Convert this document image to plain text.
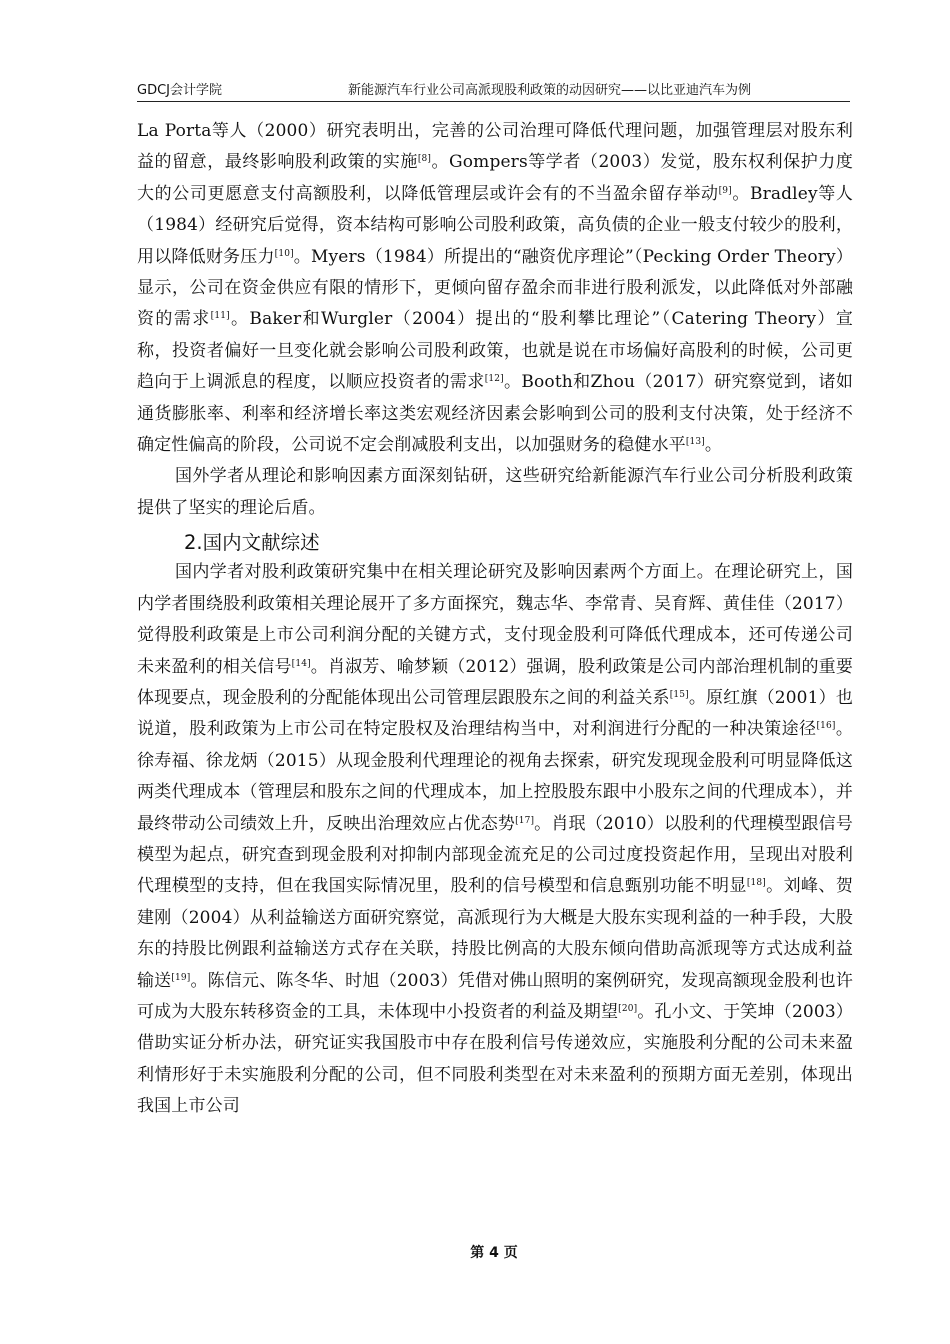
GDCJ会计学院	新能源汽车行业公司高派现股利政策的动因研究——以比亚迪汽车为例

La Porta等人（2000）研究表明出，完善的公司治理可降低代理问题，加强管理层对股东利益的留意，最终影响股利政策的实施[8]。Gompers等学者（2003）发觉，股东权利保护力度大的公司更愿意支付高额股利，以降低管理层或许会有的不当盈余留存举动[9]。Bradley等人（1984）经研究后觉得，资本结构可影响公司股利政策，高负债的企业一般支付较少的股利，用以降低财务压力[10]。Myers（1984）所提出的“融资优序理论”（Pecking Order Theory）显示，公司在资金供应有限的情形下，更倾向留存盈余而非进行股利派发，以此降低对外部融资的需求[11]。Baker和Wurgler（2004）提出的“股利攀比理论”（Catering Theory）宣称，投资者偏好一旦变化就会影响公司股利政策，也就是说在市场偏好高股利的时候，公司更趋向于上调派息的程度，以顺应投资者的需求[12]。Booth和Zhou（2017）研究察觉到，诸如通货膨胀率、利率和经济增长率这类宏观经济因素会影响到公司的股利支付决策，处于经济不确定性偏高的阶段，公司说不定会削减股利支出，以加强财务的稳健水平[13]。

国外学者从理论和影响因素方面深刻钻研，这些研究给新能源汽车行业公司分析股利政策提供了坚实的理论后盾。

2.国内文献综述

国内学者对股利政策研究集中在相关理论研究及影响因素两个方面上。在理论研究上，国内学者围绕股利政策相关理论展开了多方面探究，魏志华、李常青、吴育辉、黄佳佳（2017）觉得股利政策是上市公司利润分配的关键方式，支付现金股利可降低代理成本，还可传递公司未来盈利的相关信号[14]。肖淑芳、喻梦颖（2012）强调，股利政策是公司内部治理机制的重要体现要点，现金股利的分配能体现出公司管理层跟股东之间的利益关系[15]。原红旗（2001）也说道，股利政策为上市公司在特定股权及治理结构当中，对利润进行分配的一种决策途径[16]。徐寿福、徐龙炳（2015）从现金股利代理理论的视角去探索，研究发现现金股利可明显降低这两类代理成本（管理层和股东之间的代理成本，加上控股股东跟中小股东之间的代理成本），并最终带动公司绩效上升，反映出治理效应占优态势[17]。肖珉（2010）以股利的代理模型跟信号模型为起点，研究查到现金股利对抑制内部现金流充足的公司过度投资起作用，呈现出对股利代理模型的支持，但在我国实际情况里，股利的信号模型和信息甄别功能不明显[18]。刘峰、贺建刚（2004）从利益输送方面研究察觉，高派现行为大概是大股东实现利益的一种手段，大股东的持股比例跟利益输送方式存在关联，持股比例高的大股东倾向借助高派现等方式达成利益输送[19]。陈信元、陈冬华、时旭（2003）凭借对佛山照明的案例研究，发现高额现金股利也许可成为大股东转移资金的工具，未体现中小投资者的利益及期望[20]。孔小文、于笑坤（2003）借助实证分析办法，研究证实我国股市中存在股利信号传递效应，实施股利分配的公司未来盈利情形好于未实施股利分配的公司，但不同股利类型在对未来盈利的预期方面无差别，体现出我国上市公司

第 4 页
